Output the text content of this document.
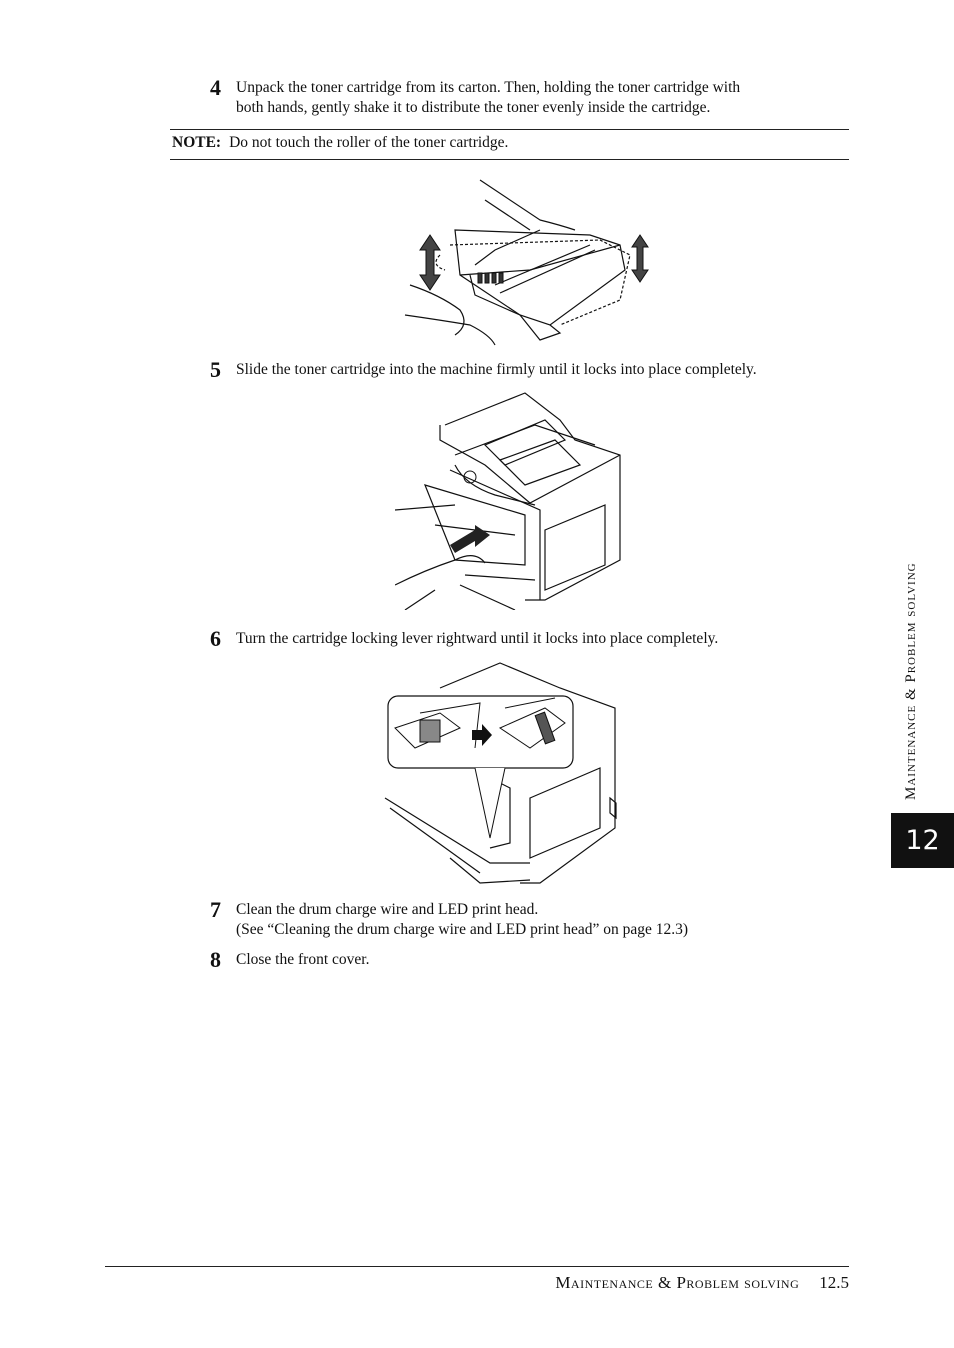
4 Unpack the toner cartridge from its carton. Then, holding the toner cartridge with
both hands, gently shake it to distribute the toner evenly inside the cartridge.
NOTE: Do not touch the roller of the toner cartridge.
5 Slide the toner cartridge into the machine firmly until it locks into place completely.
6 Turn the cartridge locking lever rightward until it locks into place completely.
7 Clean the drum charge wire and LED print head.
(See “Cleaning the drum charge wire and LED print head” on page 12.3)
8 Close the front cover.
Maintenance & Problem solving
12
Maintenance & Problem solving 12.5
